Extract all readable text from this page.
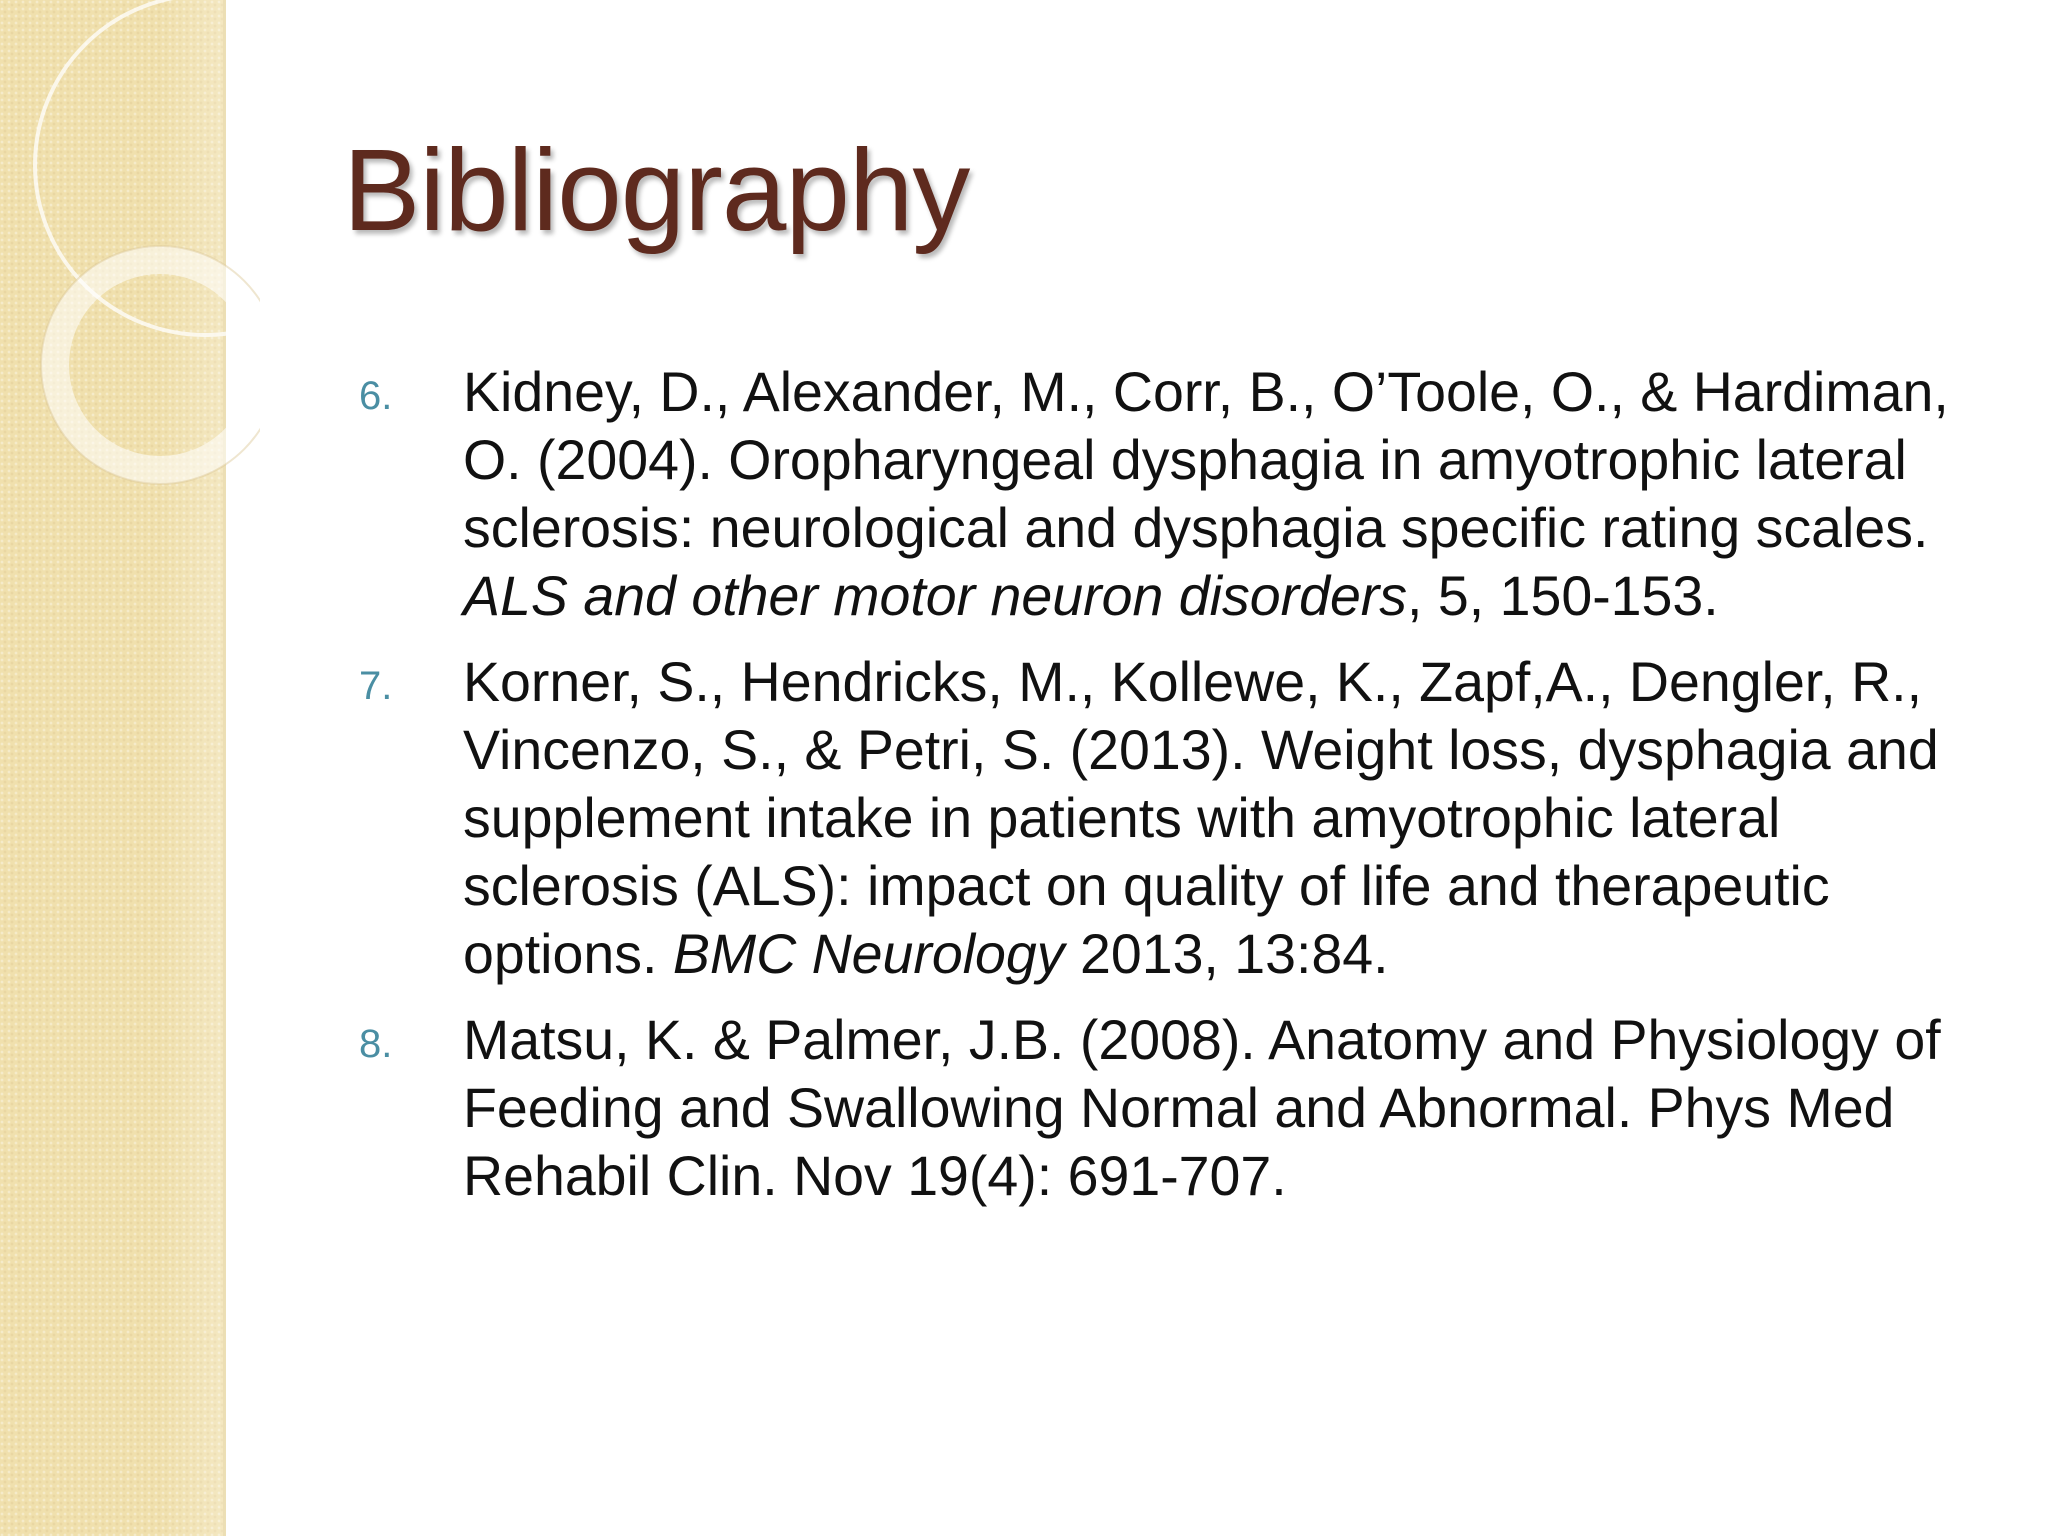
Bibliography
6. Kidney, D., Alexander, M., Corr, B., O’Toole, O., & Hardiman, O. (2004). Oropharyngeal dysphagia in amyotrophic lateral sclerosis: neurological and dysphagia specific rating scales. ALS and other motor neuron disorders, 5, 150-153.
7. Korner, S., Hendricks, M., Kollewe, K., Zapf,A., Dengler, R., Vincenzo, S., & Petri, S. (2013). Weight loss, dysphagia and supplement intake in patients with amyotrophic lateral sclerosis (ALS): impact on quality of life and therapeutic options. BMC Neurology 2013, 13:84.
8. Matsu, K. & Palmer, J.B. (2008). Anatomy and Physiology of Feeding and Swallowing Normal and Abnormal. Phys Med Rehabil Clin. Nov 19(4): 691-707.
